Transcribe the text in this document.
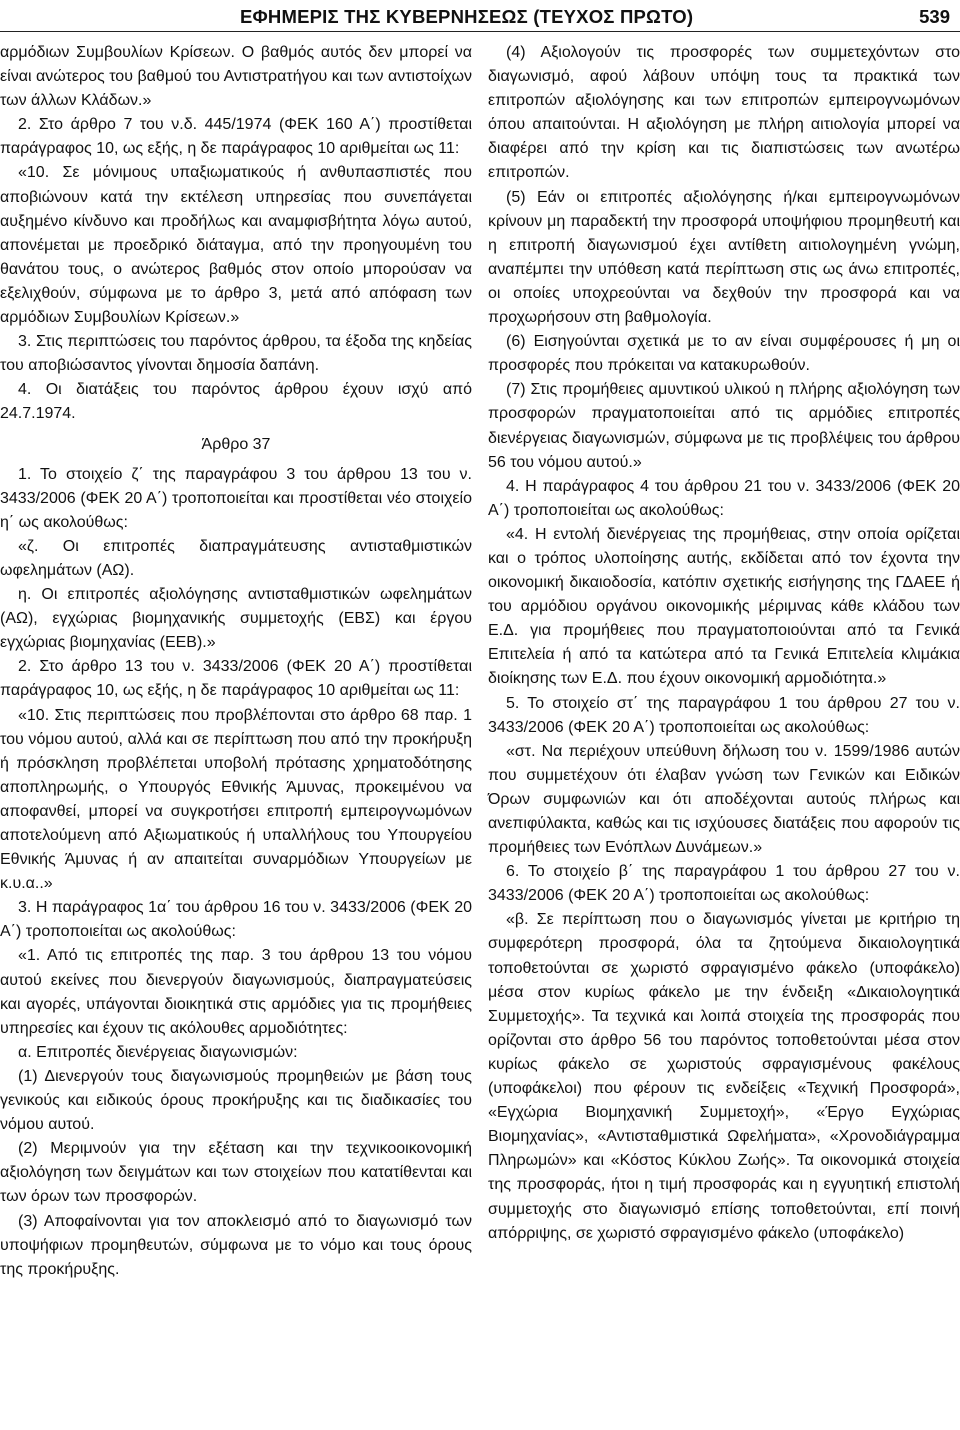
ΕΦΗΜΕΡΙΣ ΤΗΣ ΚΥΒΕΡΝΗΣΕΩΣ (ΤΕΥΧΟΣ ΠΡΩΤΟ)	539

αρμόδιων Συμβουλίων Κρίσεων. Ο βαθμός αυτός δεν μπορεί να είναι ανώτερος του βαθμού του Αντιστρατήγου και των αντιστοίχων των άλλων Κλάδων.»

2. Στο άρθρο 7 του ν.δ. 445/1974 (ΦΕΚ 160 Α΄) προστίθεται παράγραφος 10, ως εξής, η δε παράγραφος 10 αριθμείται ως 11:

«10. Σε μόνιμους υπαξιωματικούς ή ανθυπασπιστές που αποβιώνουν κατά την εκτέλεση υπηρεσίας που συνεπάγεται αυξημένο κίνδυνο και προδήλως και αναμφισβήτητα λόγω αυτού, απονέμεται με προεδρικό διάταγμα, από την προηγουμένη του θανάτου τους, ο ανώτερος βαθμός στον οποίο μπορούσαν να εξελιχθούν, σύμφωνα με το άρθρο 3, μετά από απόφαση των αρμόδιων Συμβουλίων Κρίσεων.»

3. Στις περιπτώσεις του παρόντος άρθρου, τα έξοδα της κηδείας του αποβιώσαντος γίνονται δημοσία δαπάνη.

4. Οι διατάξεις του παρόντος άρθρου έχουν ισχύ από 24.7.1974.

Άρθρο 37

1. Το στοιχείο ζ΄ της παραγράφου 3 του άρθρου 13 του ν. 3433/2006 (ΦΕΚ 20 Α΄) τροποποιείται και προστίθεται νέο στοιχείο η΄ ως ακολούθως:

«ζ. Οι επιτροπές διαπραγμάτευσης αντισταθμιστικών ωφελημάτων (ΑΩ).

η. Οι επιτροπές αξιολόγησης αντισταθμιστικών ωφελημάτων (ΑΩ), εγχώριας βιομηχανικής συμμετοχής (ΕΒΣ) και έργου εγχώριας βιομηχανίας (ΕΕΒ).»

2. Στο άρθρο 13 του ν. 3433/2006 (ΦΕΚ 20 Α΄) προστίθεται παράγραφος 10, ως εξής, η δε παράγραφος 10 αριθμείται ως 11:

«10. Στις περιπτώσεις που προβλέπονται στο άρθρο 68 παρ. 1 του νόμου αυτού, αλλά και σε περίπτωση που από την προκήρυξη ή πρόσκληση προβλέπεται υποβολή πρότασης χρηματοδότησης αποπληρωμής, ο Υπουργός Εθνικής Άμυνας, προκειμένου να αποφανθεί, μπορεί να συγκροτήσει επιτροπή εμπειρογνωμόνων αποτελούμενη από Αξιωματικούς ή υπαλλήλους του Υπουργείου Εθνικής Άμυνας ή αν απαιτείται συναρμόδιων Υπουργείων με κ.υ.α..»

3. Η παράγραφος 1α΄ του άρθρου 16 του ν. 3433/2006 (ΦΕΚ 20 Α΄) τροποποιείται ως ακολούθως:

«1. Από τις επιτροπές της παρ. 3 του άρθρου 13 του νόμου αυτού εκείνες που διενεργούν διαγωνισμούς, διαπραγματεύσεις και αγορές, υπάγονται διοικητικά στις αρμόδιες για τις προμήθειες υπηρεσίες και έχουν τις ακόλουθες αρμοδιότητες:

α. Επιτροπές διενέργειας διαγωνισμών:

(1) Διενεργούν τους διαγωνισμούς προμηθειών με βάση τους γενικούς και ειδικούς όρους προκήρυξης και τις διαδικασίες του νόμου αυτού.

(2) Μεριμνούν για την εξέταση και την τεχνικοοικονομική αξιολόγηση των δειγμάτων και των στοιχείων που κατατίθενται και των όρων των προσφορών.

(3) Αποφαίνονται για τον αποκλεισμό από το διαγωνισμό των υποψήφιων προμηθευτών, σύμφωνα με το νόμο και τους όρους της προκήρυξης.

(4) Αξιολογούν τις προσφορές των συμμετεχόντων στο διαγωνισμό, αφού λάβουν υπόψη τους τα πρακτικά των επιτροπών αξιολόγησης και των επιτροπών εμπειρογνωμόνων όπου απαιτούνται. Η αξιολόγηση με πλήρη αιτιολογία μπορεί να διαφέρει από την κρίση και τις διαπιστώσεις των ανωτέρω επιτροπών.

(5) Εάν οι επιτροπές αξιολόγησης ή/και εμπειρογνωμόνων κρίνουν μη παραδεκτή την προσφορά υποψήφιου προμηθευτή και η επιτροπή διαγωνισμού έχει αντίθετη αιτιολογημένη γνώμη, αναπέμπει την υπόθεση κατά περίπτωση στις ως άνω επιτροπές, οι οποίες υποχρεούνται να δεχθούν την προσφορά και να προχωρήσουν στη βαθμολογία.

(6) Εισηγούνται σχετικά με το αν είναι συμφέρουσες ή μη οι προσφορές που πρόκειται να κατακυρωθούν.

(7) Στις προμήθειες αμυντικού υλικού η πλήρης αξιολόγηση των προσφορών πραγματοποιείται από τις αρμόδιες επιτροπές διενέργειας διαγωνισμών, σύμφωνα με τις προβλέψεις του άρθρου 56 του νόμου αυτού.»

4. Η παράγραφος 4 του άρθρου 21 του ν. 3433/2006 (ΦΕΚ 20 Α΄) τροποποιείται ως ακολούθως:

«4. Η εντολή διενέργειας της προμήθειας, στην οποία ορίζεται και ο τρόπος υλοποίησης αυτής, εκδίδεται από τον έχοντα την οικονομική δικαιοδοσία, κατόπιν σχετικής εισήγησης της ΓΔΑΕΕ ή του αρμόδιου οργάνου οικονομικής μέριμνας κάθε κλάδου των Ε.Δ. για προμήθειες που πραγματοποιούνται από τα Γενικά Επιτελεία ή από τα κατώτερα από τα Γενικά Επιτελεία κλιμάκια διοίκησης των Ε.Δ. που έχουν οικονομική αρμοδιότητα.»

5. Το στοιχείο στ΄ της παραγράφου 1 του άρθρου 27 του ν. 3433/2006 (ΦΕΚ 20 Α΄) τροποποιείται ως ακολούθως:

«στ. Να περιέχουν υπεύθυνη δήλωση του ν. 1599/1986 αυτών που συμμετέχουν ότι έλαβαν γνώση των Γενικών και Ειδικών Όρων συμφωνιών και ότι αποδέχονται αυτούς πλήρως και ανεπιφύλακτα, καθώς και τις ισχύουσες διατάξεις που αφορούν τις προμήθειες των Ενόπλων Δυνάμεων.»

6. Το στοιχείο β΄ της παραγράφου 1 του άρθρου 27 του ν. 3433/2006 (ΦΕΚ 20 Α΄) τροποποιείται ως ακολούθως:

«β. Σε περίπτωση που ο διαγωνισμός γίνεται με κριτήριο τη συμφερότερη προσφορά, όλα τα ζητούμενα δικαιολογητικά τοποθετούνται σε χωριστό σφραγισμένο φάκελο (υποφάκελο) μέσα στον κυρίως φάκελο με την ένδειξη «Δικαιολογητικά Συμμετοχής». Τα τεχνικά και λοιπά στοιχεία της προσφοράς που ορίζονται στο άρθρο 56 του παρόντος τοποθετούνται μέσα στον κυρίως φάκελο σε χωριστούς σφραγισμένους φακέλους (υποφάκελοι) που φέρουν τις ενδείξεις «Τεχνική Προσφορά», «Εγχώρια Βιομηχανική Συμμετοχή», «Έργο Εγχώριας Βιομηχανίας», «Αντισταθμιστικά Ωφελήματα», «Χρονοδιάγραμμα Πληρωμών» και «Κόστος Κύκλου Ζωής». Τα οικονομικά στοιχεία της προσφοράς, ήτοι η τιμή προσφοράς και η εγγυητική επιστολή συμμετοχής στο διαγωνισμό επίσης τοποθετούνται, επί ποινή απόρριψης, σε χωριστό σφραγισμένο φάκελο (υποφάκελο)
